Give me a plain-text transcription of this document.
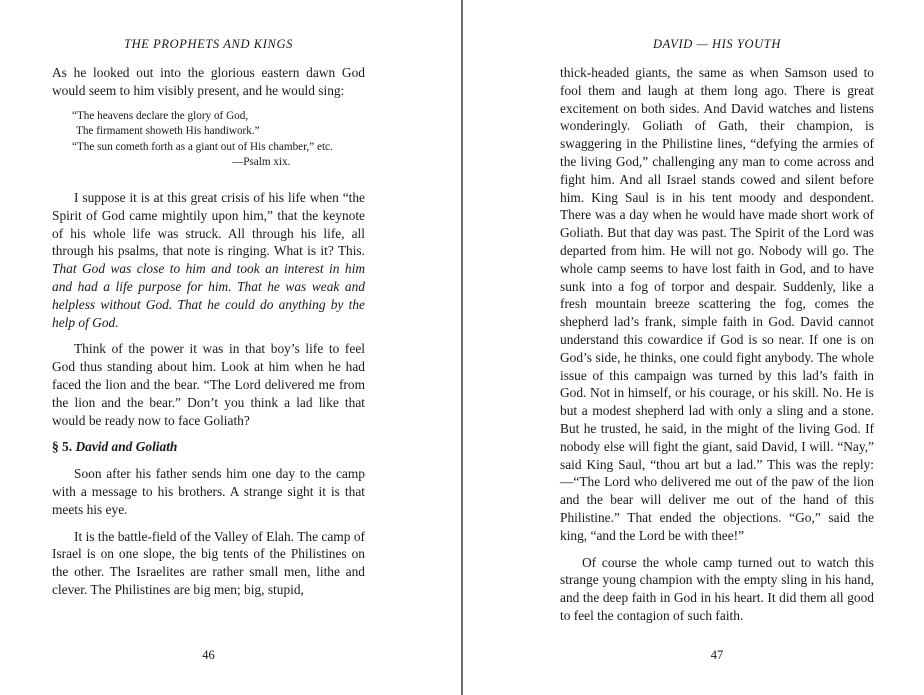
THE PROPHETS AND KINGS

As he looked out into the glorious eastern dawn God would seem to him visibly present, and he would sing:

“The heavens declare the glory of God,
The firmament showeth His handiwork.”
“The sun cometh forth as a giant out of His chamber,” etc.
—Psalm xix.

I suppose it is at this great crisis of his life when “the Spirit of God came mightily upon him,” that the keynote of his whole life was struck. All through his life, all through his psalms, that note is ringing. What is it? This. That God was close to him and took an interest in him and had a life purpose for him. That he was weak and helpless without God. That he could do anything by the help of God.

Think of the power it was in that boy’s life to feel God thus standing about him. Look at him when he had faced the lion and the bear. “The Lord delivered me from the lion and the bear.” Don’t you think a lad like that would be ready now to face Goliath?

§ 5. David and Goliath

Soon after his father sends him one day to the camp with a message to his brothers. A strange sight it is that meets his eye.

It is the battle-field of the Valley of Elah. The camp of Israel is on one slope, the big tents of the Philistines on the other. The Israelites are rather small men, lithe and clever. The Philistines are big men; big, stupid,

46
DAVID — HIS YOUTH

thick-headed giants, the same as when Samson used to fool them and laugh at them long ago. There is great excitement on both sides. And David watches and listens wonderingly. Goliath of Gath, their champion, is swaggering in the Philistine lines, “defying the armies of the living God,” challenging any man to come across and fight him. And all Israel stands cowed and silent before him. King Saul is in his tent moody and despondent. There was a day when he would have made short work of Goliath. But that day was past. The Spirit of the Lord was departed from him. He will not go. Nobody will go. The whole camp seems to have lost faith in God, and to have sunk into a fog of torpor and despair. Suddenly, like a fresh mountain breeze scattering the fog, comes the shepherd lad’s frank, simple faith in God. David cannot understand this cowardice if God is so near. If one is on God’s side, he thinks, one could fight anybody. The whole issue of this campaign was turned by this lad’s faith in God. Not in himself, or his courage, or his skill. No. He is but a modest shepherd lad with only a sling and a stone. But he trusted, he said, in the might of the living God. If nobody else will fight the giant, said David, I will. “Nay,” said King Saul, “thou art but a lad.” This was the reply:—“The Lord who delivered me out of the paw of the lion and the bear will deliver me out of the hand of this Philistine.” That ended the objections. “Go,” said the king, “and the Lord be with thee!”

Of course the whole camp turned out to watch this strange young champion with the empty sling in his hand, and the deep faith in God in his heart. It did them all good to feel the contagion of such faith.

47
